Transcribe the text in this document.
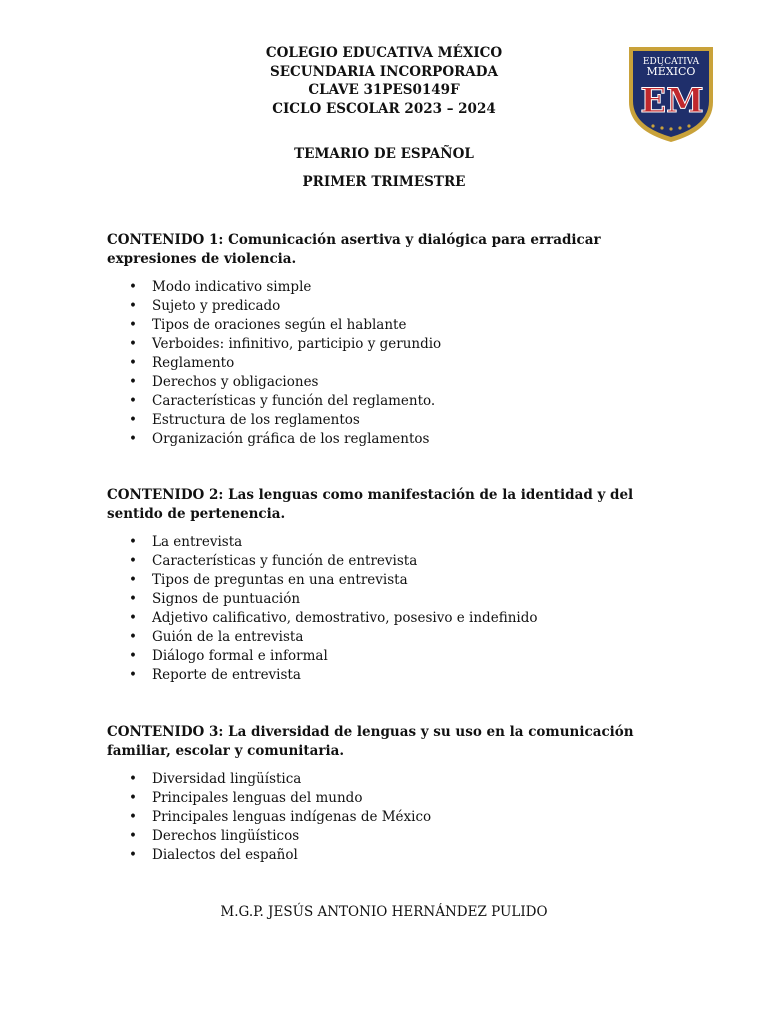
COLEGIO EDUCATIVA MÉXICO
SECUNDARIA INCORPORADA
CLAVE 31PES0149F
CICLO ESCOLAR 2023 – 2024
TEMARIO DE ESPAÑOL
PRIMER TRIMESTRE
EDUCATIVA
MÉXICO
EM
CONTENIDO 1: Comunicación asertiva y dialógica para erradicar expresiones de violencia.
• Modo indicativo simple
• Sujeto y predicado
• Tipos de oraciones según el hablante
• Verboides: infinitivo, participio y gerundio
• Reglamento
• Derechos y obligaciones
• Características y función del reglamento.
• Estructura de los reglamentos
• Organización gráfica de los reglamentos
CONTENIDO 2: Las lenguas como manifestación de la identidad y del sentido de pertenencia.
• La entrevista
• Características y función de entrevista
• Tipos de preguntas en una entrevista
• Signos de puntuación
• Adjetivo calificativo, demostrativo, posesivo e indefinido
• Guión de la entrevista
• Diálogo formal e informal
• Reporte de entrevista
CONTENIDO 3: La diversidad de lenguas y su uso en la comunicación familiar, escolar y comunitaria.
• Diversidad lingüística
• Principales lenguas del mundo
• Principales lenguas indígenas de México
• Derechos lingüísticos
• Dialectos del español
M.G.P. JESÚS ANTONIO HERNÁNDEZ PULIDO
